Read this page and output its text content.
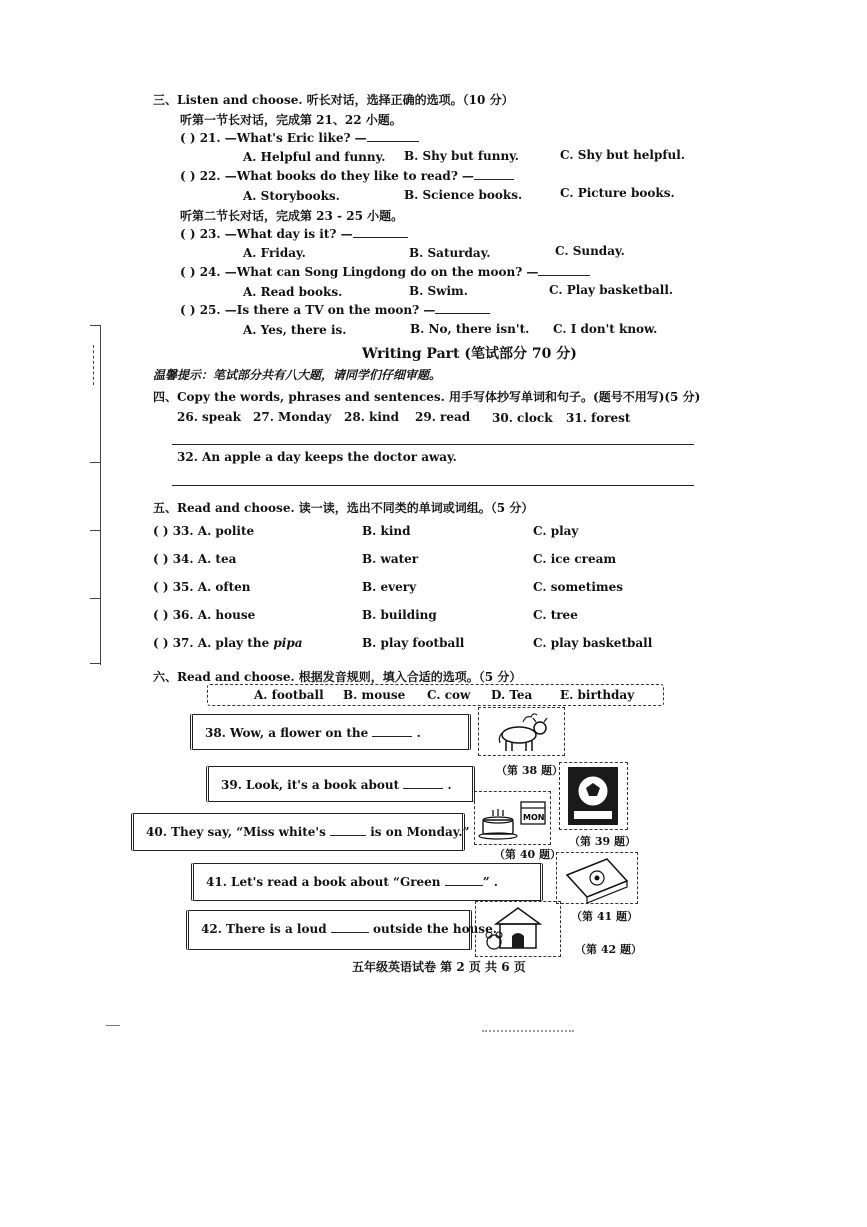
三、Listen and choose. 听长对话，选择正确的选项。（10 分）
听第一节长对话，完成第 21、22 小题。
( ) 21. —What's Eric like? —
A. Helpful and funny. B. Shy but funny.	C. Shy but helpful.
( ) 22. —What books do they like to read? —
A. Storybooks.	B. Science books.	C. Picture books.
听第二节长对话，完成第 23 - 25 小题。
( ) 23. —What day is it? —
A. Friday.	B. Saturday.	C. Sunday.
( ) 24. —What can Song Lingdong do on the moon? —
A. Read books.	B. Swim.	C. Play basketball.
( ) 25. —Is there a TV on the moon? —
A. Yes, there is.	B. No, there isn't. C. I don't know.
Writing Part (笔试部分 70 分)
温馨提示：笔试部分共有八大题，请同学们仔细审题。
四、Copy the words, phrases and sentences. 用手写体抄写单词和句子。(题号不用写)(5 分)
26. speak 27. Monday 28. kind 29. read 30. clock 31. forest
32. An apple a day keeps the doctor away.
五、Read and choose. 读一读，选出不同类的单词或词组。（5 分）
( ) 33. A. polite	B. kind	C. play
( ) 34. A. tea	B. water	C. ice cream
( ) 35. A. often	B. every	C. sometimes
( ) 36. A. house	B. building	C. tree
( ) 37. A. play the pipa	B. play football	C. play basketball
六、Read and choose. 根据发音规则，填入合适的选项。（5 分）
A. football B. mouse C. cow D. Tea E. birthday
38. Wow, a flower on the	.
39. Look, it's a book about	.
40. They say, “Miss white's	is on Monday.”
41. Let's read a book about “Green	” .
42. There is a loud	outside the house.
（第 38 题）
（第 39 题）
MON
（第 40 题）
（第 41 题）
（第 42 题）
五年级英语试卷 第 2 页 共 6 页
